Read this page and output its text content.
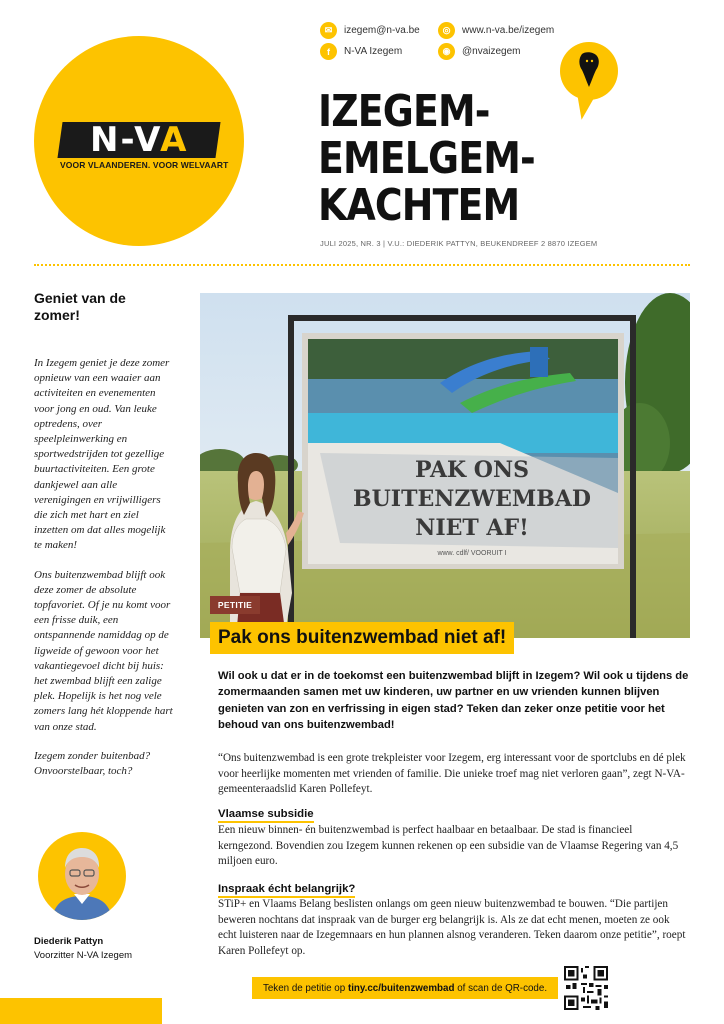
N-VA
VOOR VLAANDEREN. VOOR WELVAART
✉	izegem@n-va.be	◎	www.n-va.be/izegem
f	N-VA Izegem	◉	@nvaizegem
IZEGEM-
EMELGEM-
KACHTEM
JULI 2025, NR. 3 | V.U.: DIEDERIK PATTYN, BEUKENDREEF 2 8870 IZEGEM
Geniet van de zomer!

In Izegem geniet je deze zomer opnieuw van een waaier aan activiteiten en evenementen voor jong en oud. Van leuke optredens, over speelpleinwerking en sportwedstrijden tot gezellige buurtactiviteiten. Een grote dankjewel aan alle verenigingen en vrijwilligers die zich met hart en ziel inzetten om dat alles mogelijk te maken!

Ons buitenzwembad blijft ook deze zomer de absolute topfavoriet. Of je nu komt voor een frisse duik, een ontspannende namiddag op de ligweide of gewoon voor het vakantiegevoel dicht bij huis: het zwembad blijft een zalige plek. Hopelijk is het nog vele zomers lang hét kloppende hart van onze stad.

Izegem zonder buitenbad? Onvoorstelbaar, toch?

Diederik Pattyn
Voorzitter N-VA Izegem
PAK ONS
BUITENZWEMBAD
NIET AF!
www. cdlf/ VOORUIT I
PETITIE
Pak ons buitenzwembad niet af!
Wil ook u dat er in de toekomst een buitenzwembad blijft in Izegem? Wil ook u tijdens de zomermaanden samen met uw kinderen, uw partner en uw vrienden kunnen blijven genieten van zon en verfrissing in eigen stad? Teken dan zeker onze petitie voor het behoud van ons buitenzwembad!
“Ons buitenzwembad is een grote trekpleister voor Izegem, erg interessant voor de sportclubs en dé plek voor heerlijke momenten met vrienden of familie. Die unieke troef mag niet verloren gaan”, zegt N-VA-gemeenteraadslid Karen Pollefeyt.
Vlaamse subsidie
Een nieuw binnen- én buitenzwembad is perfect haalbaar en betaalbaar. De stad is financieel kerngezond. Bovendien zou Izegem kunnen rekenen op een subsidie van de Vlaamse Regering van 4,5 miljoen euro.
Inspraak écht belangrijk?
STiP+ en Vlaams Belang beslisten onlangs om geen nieuw buitenzwembad te bouwen. “Die partijen beweren nochtans dat inspraak van de burger erg belangrijk is. Als ze dat echt menen, moeten ze ook echt luisteren naar de Izegemnaars en hun plannen alsnog veranderen. Teken daarom onze petitie”, roept Karen Pollefeyt op.
Teken de petitie op
tiny.cc/buitenzwembad
of scan de QR-code.
